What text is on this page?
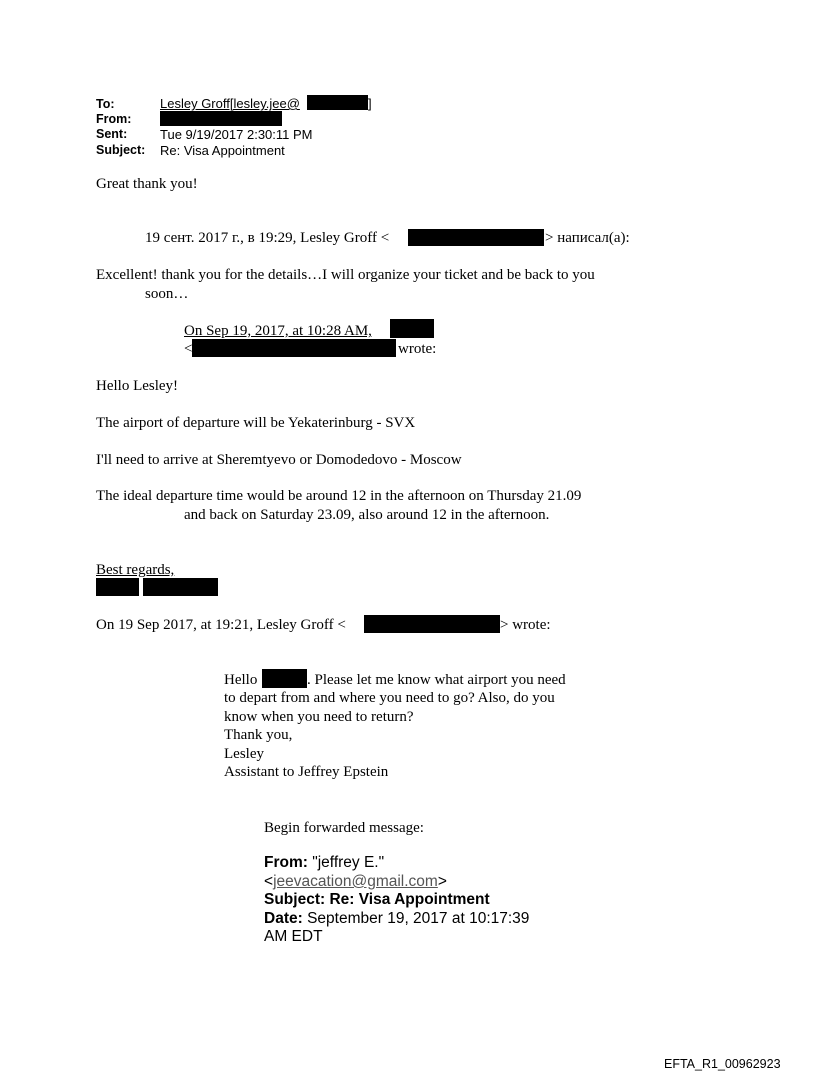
To:	Lesley Groff[lesley.jee@	]
From:
Sent:	Tue 9/19/2017 2:30:11 PM
Subject: Re: Visa Appointment
Great thank you!
19 сент. 2017 г., в 19:29, Lesley Groff <	> написал(а):
Excellent! thank you for the details…I will organize your ticket and be back to you
soon…
On Sep 19, 2017, at 10:28 AM,
<	wrote:
Hello Lesley!
The airport of departure will be Yekaterinburg - SVX
I'll need to arrive at Sheremtyevo or Domodedovo - Moscow
The ideal departure time would be around 12 in the afternoon on Thursday 21.09
and back on Saturday 23.09, also around 12 in the afternoon.
Best regards,
On 19 Sep 2017, at 19:21, Lesley Groff <	> wrote:
Hello	. Please let me know what airport you need
to depart from and where you need to go? Also, do you
know when you need to return?
Thank you,
Lesley
Assistant to Jeffrey Epstein
Begin forwarded message:
From: "jeffrey E."
<jeevacation@gmail.com>
Subject: Re: Visa Appointment
Date: September 19, 2017 at 10:17:39
AM EDT
EFTA_R1_00962923
